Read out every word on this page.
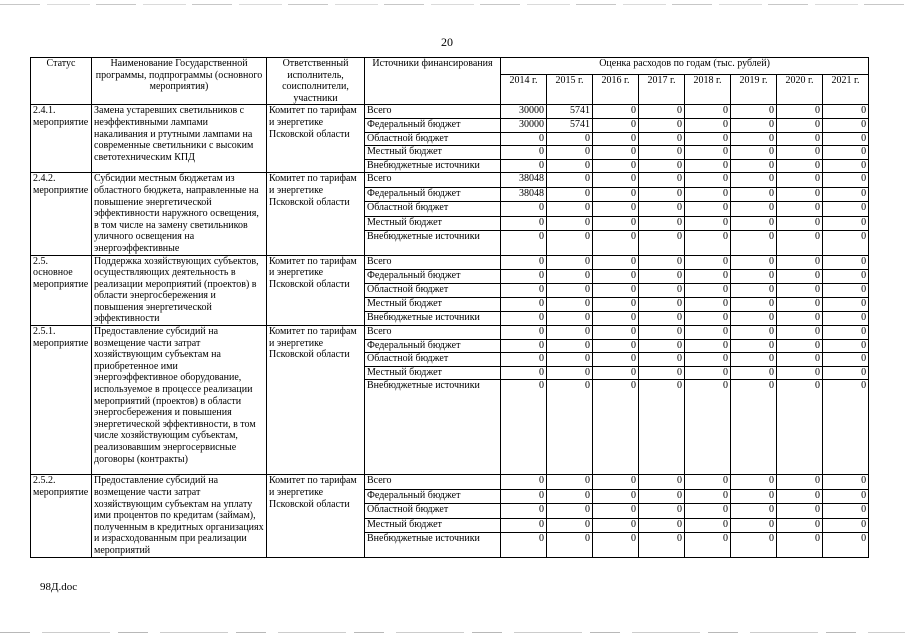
20
Статус	Наименование Государственной программы, подпрограммы (основного мероприятия)	Ответственный исполнитель, соисполнители, участники	Источники финансирования	Оценка расходов по годам (тыс. рублей)							
				2014 г.	2015 г.	2016 г.	2017 г.	2018 г.	2019 г.	2020 г.	2021 г.
2.4.1. мероприятие	Замена устаревших светильников с неэффективными лампами накаливания и ртутными лампами на современные светильники с высоким светотехническим КПД	Комитет по тарифам и энергетике Псковской области	Всего	30000	5741	0	0	0	0	0	0
			Федеральный бюджет	30000	5741	0	0	0	0	0	0
			Областной бюджет	0	0	0	0	0	0	0	0
			Местный бюджет	0	0	0	0	0	0	0	0
			Внебюджетные источники	0	0	0	0	0	0	0	0
2.4.2. мероприятие	Субсидии местным бюджетам из областного бюджета, направленные на повышение энергетической эффективности наружного освещения, в том числе на замену светильников уличного освещения на энергоэффективные	Комитет по тарифам и энергетике Псковской области	Всего	38048	0	0	0	0	0	0	0
			Федеральный бюджет	38048	0	0	0	0	0	0	0
			Областной бюджет	0	0	0	0	0	0	0	0
			Местный бюджет	0	0	0	0	0	0	0	0
			Внебюджетные источники	0	0	0	0	0	0	0	0
2.5. основное мероприятие	Поддержка хозяйствующих субъектов, осуществляющих деятельность в реализации мероприятий (проектов) в области энергосбережения и повышения энергетической эффективности	Комитет по тарифам и энергетике Псковской области	Всего	0	0	0	0	0	0	0	0
			Федеральный бюджет	0	0	0	0	0	0	0	0
			Областной бюджет	0	0	0	0	0	0	0	0
			Местный бюджет	0	0	0	0	0	0	0	0
			Внебюджетные источники	0	0	0	0	0	0	0	0
2.5.1. мероприятие	Предоставление субсидий на возмещение части затрат хозяйствующим субъектам на приобретенное ими энергоэффективное оборудование, используемое в процессе реализации мероприятий (проектов) в области энергосбережения и повышения энергетической эффективности, в том числе хозяйствующим субъектам, реализовавшим энергосервисные договоры (контракты)	Комитет по тарифам и энергетике Псковской области	Всего	0	0	0	0	0	0	0	0
			Федеральный бюджет	0	0	0	0	0	0	0	0
			Областной бюджет	0	0	0	0	0	0	0	0
			Местный бюджет	0	0	0	0	0	0	0	0
			Внебюджетные источники	0	0	0	0	0	0	0	0
2.5.2. мероприятие	Предоставление субсидий на возмещение части затрат хозяйствующим субъектам на уплату ими процентов по кредитам (займам), полученным в кредитных организациях и израсходованным при реализации мероприятий	Комитет по тарифам и энергетике Псковской области	Всего	0	0	0	0	0	0	0	0
			Федеральный бюджет	0	0	0	0	0	0	0	0
			Областной бюджет	0	0	0	0	0	0	0	0
			Местный бюджет	0	0	0	0	0	0	0	0
			Внебюджетные источники	0	0	0	0	0	0	0	0
98Д.doc
